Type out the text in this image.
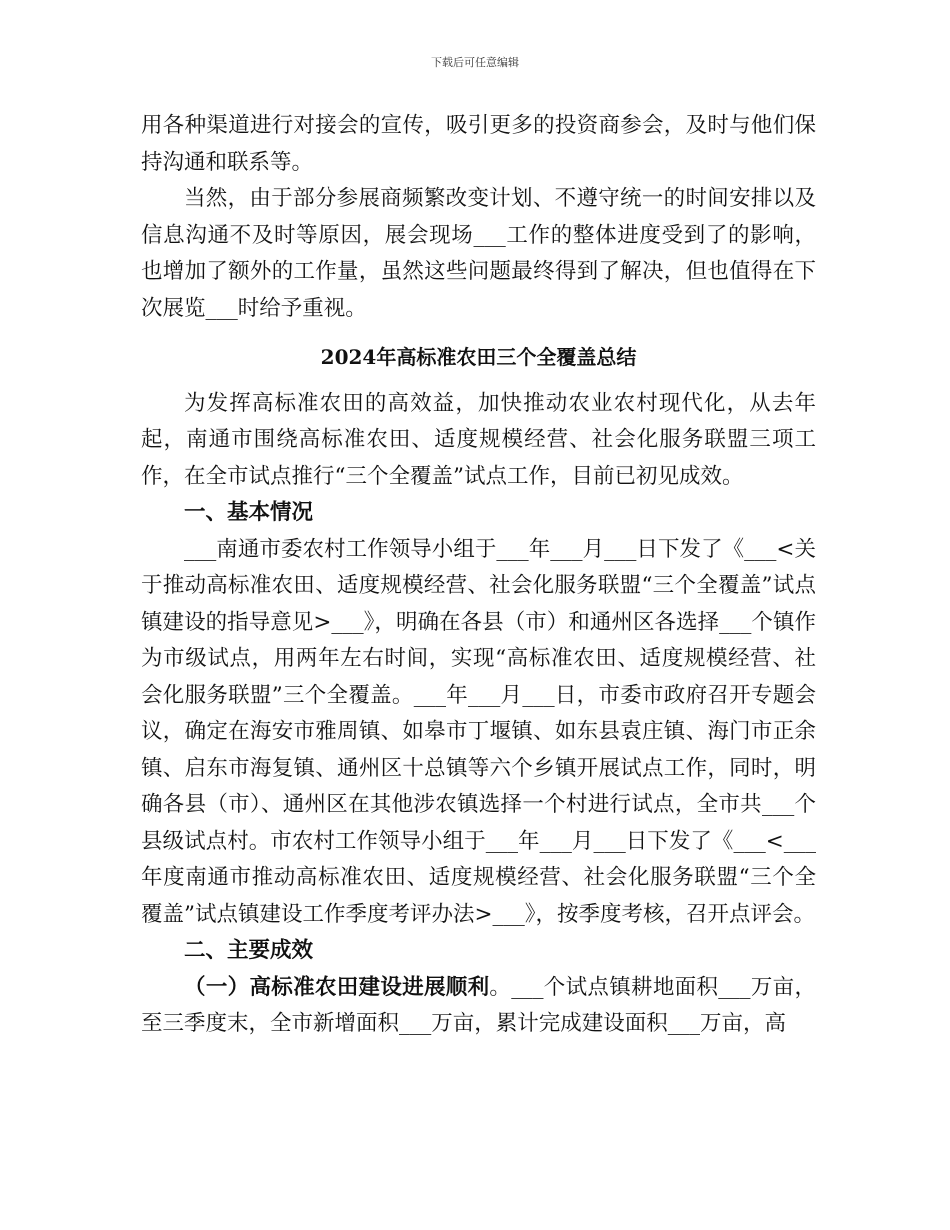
下载后可任意编辑

用各种渠道进行对接会的宣传，吸引更多的投资商参会，及时与他们保持沟通和联系等。

当然，由于部分参展商频繁改变计划、不遵守统一的时间安排以及信息沟通不及时等原因，展会现场___工作的整体进度受到了的影响，也增加了额外的工作量，虽然这些问题最终得到了解决，但也值得在下次展览___时给予重视。

2024年高标准农田三个全覆盖总结

为发挥高标准农田的高效益，加快推动农业农村现代化，从去年起，南通市围绕高标准农田、适度规模经营、社会化服务联盟三项工作，在全市试点推行“三个全覆盖”试点工作，目前已初见成效。

一、基本情况

___南通市委农村工作领导小组于___年___月___日下发了《___<关于推动高标准农田、适度规模经营、社会化服务联盟“三个全覆盖”试点镇建设的指导意见>___》，明确在各县（市）和通州区各选择___个镇作为市级试点，用两年左右时间，实现“高标准农田、适度规模经营、社会化服务联盟”三个全覆盖。___年___月___日，市委市政府召开专题会议，确定在海安市雅周镇、如皋市丁堰镇、如东县袁庄镇、海门市正余镇、启东市海复镇、通州区十总镇等六个乡镇开展试点工作，同时，明确各县（市）、通州区在其他涉农镇选择一个村进行试点，全市共___个县级试点村。市农村工作领导小组于___年___月___日下发了《___<___年度南通市推动高标准农田、适度规模经营、社会化服务联盟“三个全覆盖”试点镇建设工作季度考评办法>___》，按季度考核，召开点评会。

二、主要成效

（一）高标准农田建设进展顺利。___个试点镇耕地面积___万亩，至三季度末，全市新增面积___万亩，累计完成建设面积___万亩，高
